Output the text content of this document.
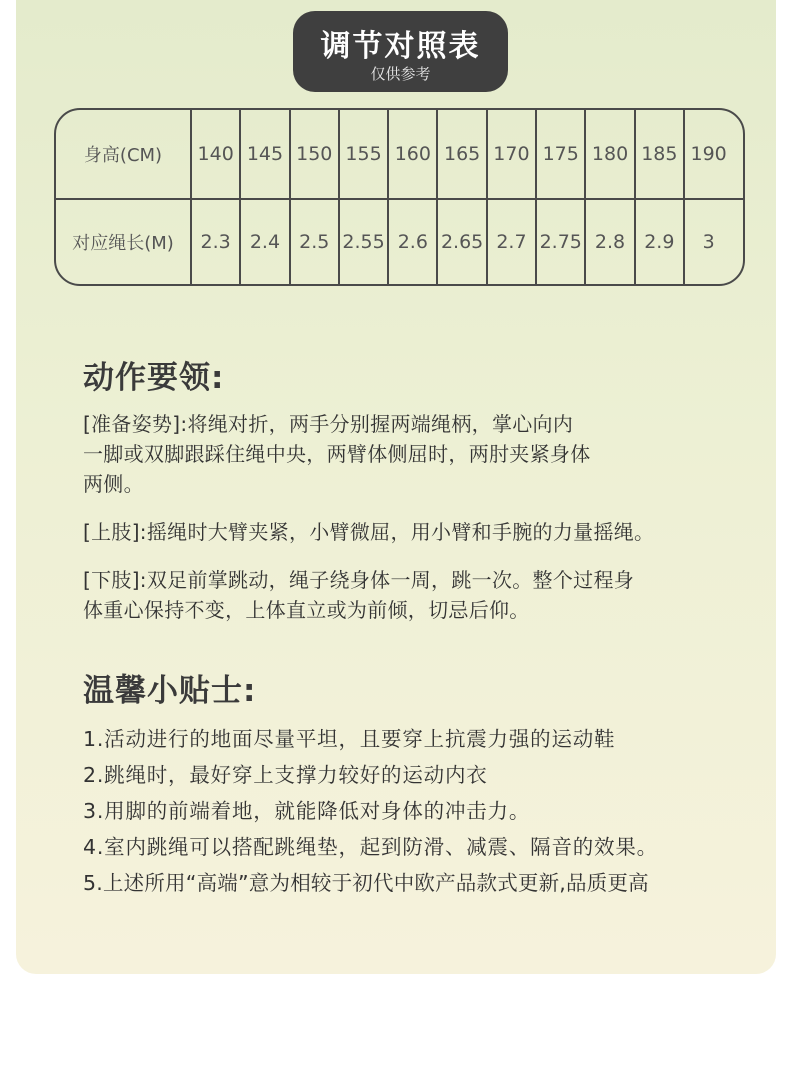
调节对照表
仅供参考
身高(CM)	140 145 150 155 160 165 170 175 180 185 190
对应绳长(M)	2.3	2.4	2.5 2.55 2.6 2.65 2.7 2.75 2.8	2.9	3
动作要领:
[准备姿势]:将绳对折，两手分别握两端绳柄，掌心向内
一脚或双脚跟踩住绳中央，两臂体侧屈时，两肘夹紧身体
两侧。
[上肢]:摇绳时大臂夹紧，小臂微屈，用小臂和手腕的力量摇绳。
[下肢]:双足前掌跳动，绳子绕身体一周，跳一次。整个过程身
体重心保持不变，上体直立或为前倾，切忌后仰。
温馨小贴士:
1.活动进行的地面尽量平坦，且要穿上抗震力强的运动鞋
2.跳绳时，最好穿上支撑力较好的运动内衣
3.用脚的前端着地，就能降低对身体的冲击力。
4.室内跳绳可以搭配跳绳垫，起到防滑、减震、隔音的效果。
5.上述所用“高端”意为相较于初代中欧产品款式更新,品质更高
